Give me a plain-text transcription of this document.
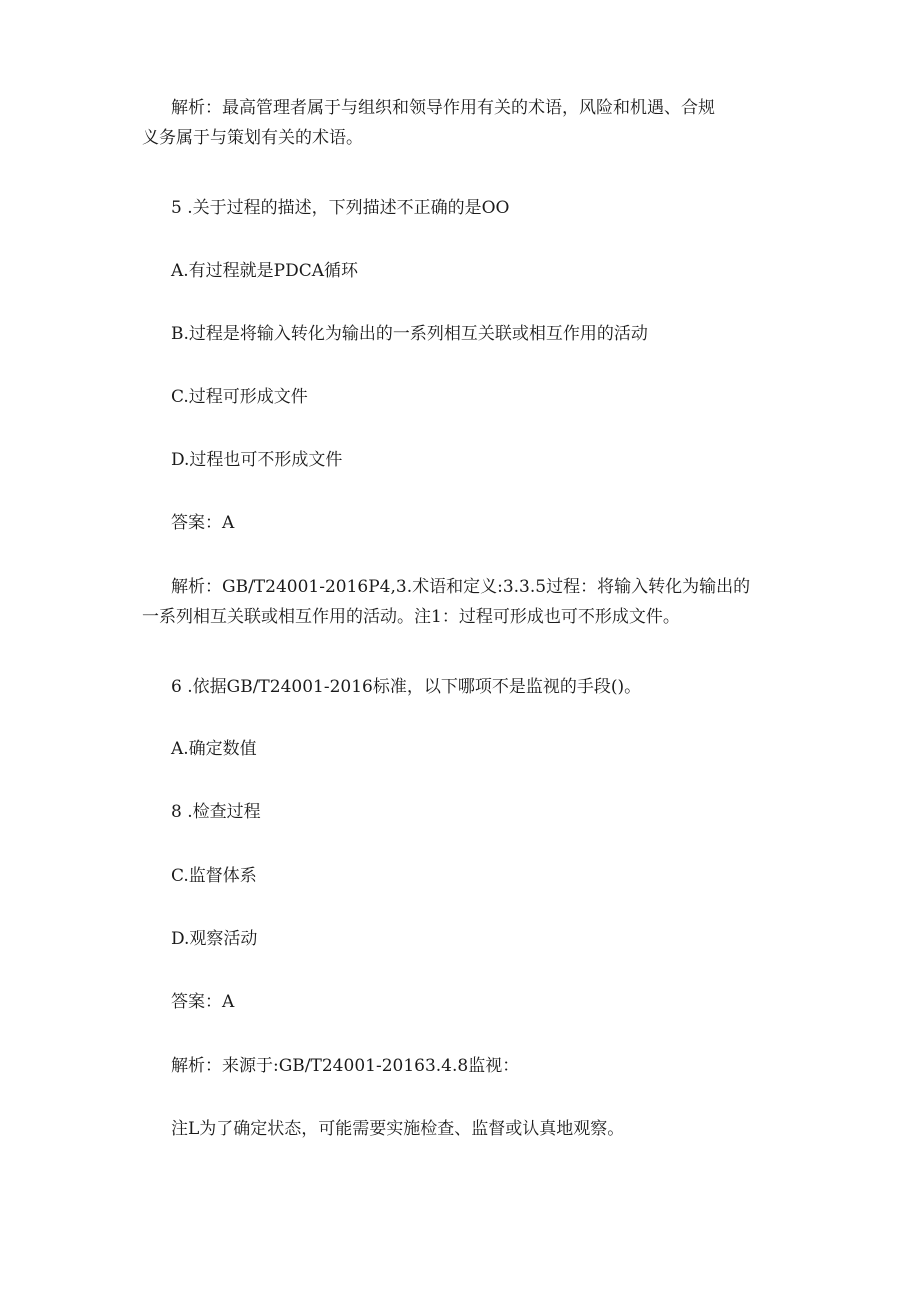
解析：最高管理者属于与组织和领导作用有关的术语，风险和机遇、合规
义务属于与策划有关的术语。

5 .关于过程的描述，下列描述不正确的是OO

A.有过程就是PDCA循环

B.过程是将输入转化为输出的一系列相互关联或相互作用的活动

C.过程可形成文件

D.过程也可不形成文件

答案：A

解析：GB/T24001-2016P4,3.术语和定义:3.3.5过程：将输入转化为输出的
一系列相互关联或相互作用的活动。注1：过程可形成也可不形成文件。

6 .依据GB/T24001-2016标准，以下哪项不是监视的手段()。

A.确定数值

8 .检查过程

C.监督体系

D.观察活动

答案：A

解析：来源于:GB/T24001-20163.4.8监视：

注L为了确定状态，可能需要实施检查、监督或认真地观察。
